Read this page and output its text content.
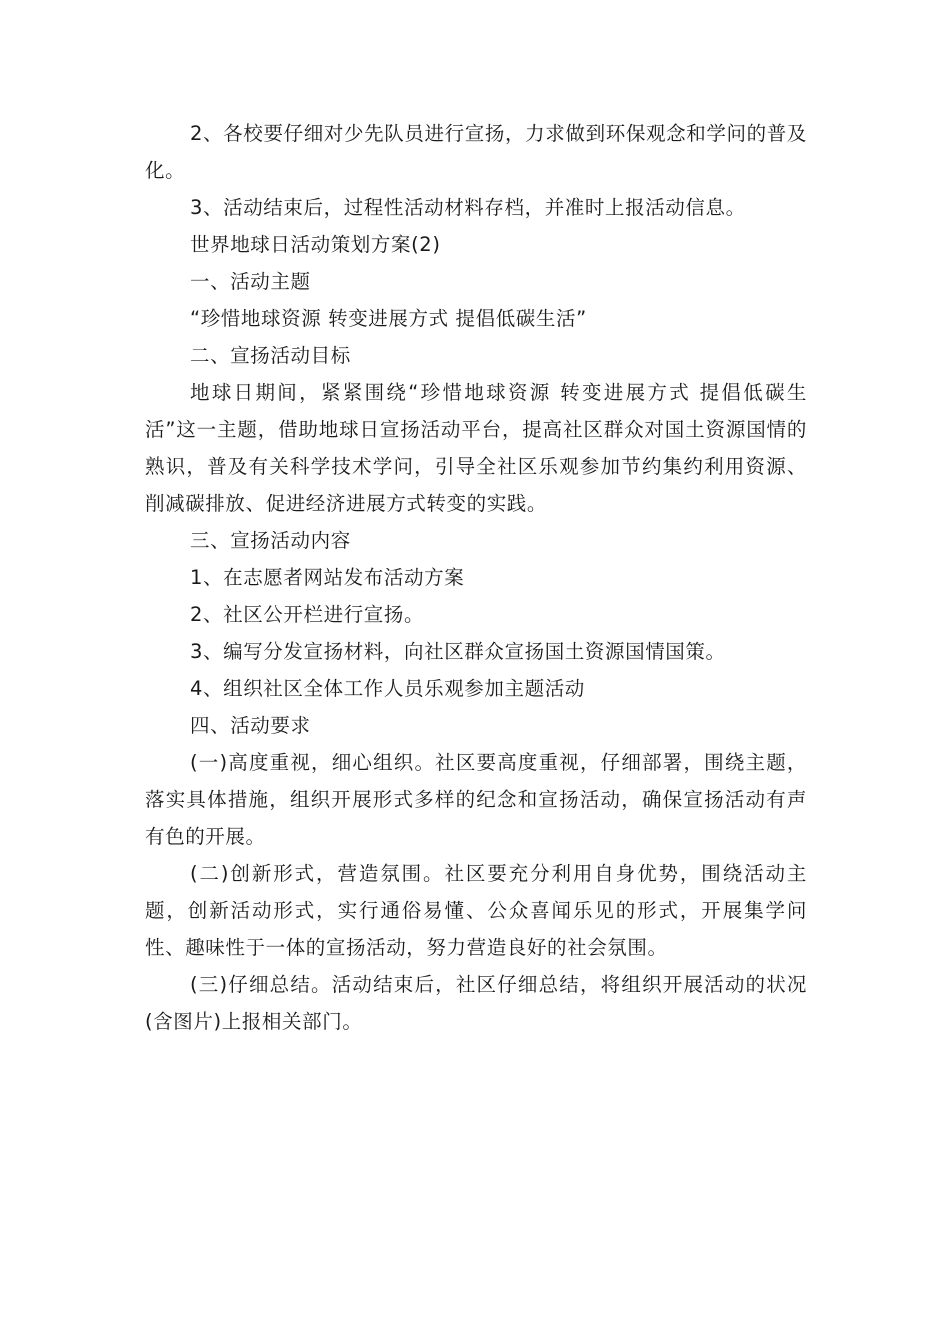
2、各校要仔细对少先队员进行宣扬，力求做到环保观念和学问的普及化。

3、活动结束后，过程性活动材料存档，并准时上报活动信息。

世界地球日活动策划方案(2)

一、活动主题

“珍惜地球资源 转变进展方式 提倡低碳生活”

二、宣扬活动目标

地球日期间，紧紧围绕“珍惜地球资源 转变进展方式 提倡低碳生活”这一主题，借助地球日宣扬活动平台，提高社区群众对国土资源国情的熟识，普及有关科学技术学问，引导全社区乐观参加节约集约利用资源、削减碳排放、促进经济进展方式转变的实践。

三、宣扬活动内容

1、在志愿者网站发布活动方案

2、社区公开栏进行宣扬。

3、编写分发宣扬材料，向社区群众宣扬国土资源国情国策。

4、组织社区全体工作人员乐观参加主题活动

四、活动要求

(一)高度重视，细心组织。社区要高度重视，仔细部署，围绕主题，落实具体措施，组织开展形式多样的纪念和宣扬活动，确保宣扬活动有声有色的开展。

(二)创新形式，营造氛围。社区要充分利用自身优势，围绕活动主题，创新活动形式，实行通俗易懂、公众喜闻乐见的形式，开展集学问性、趣味性于一体的宣扬活动，努力营造良好的社会氛围。

(三)仔细总结。活动结束后，社区仔细总结，将组织开展活动的状况(含图片)上报相关部门。
